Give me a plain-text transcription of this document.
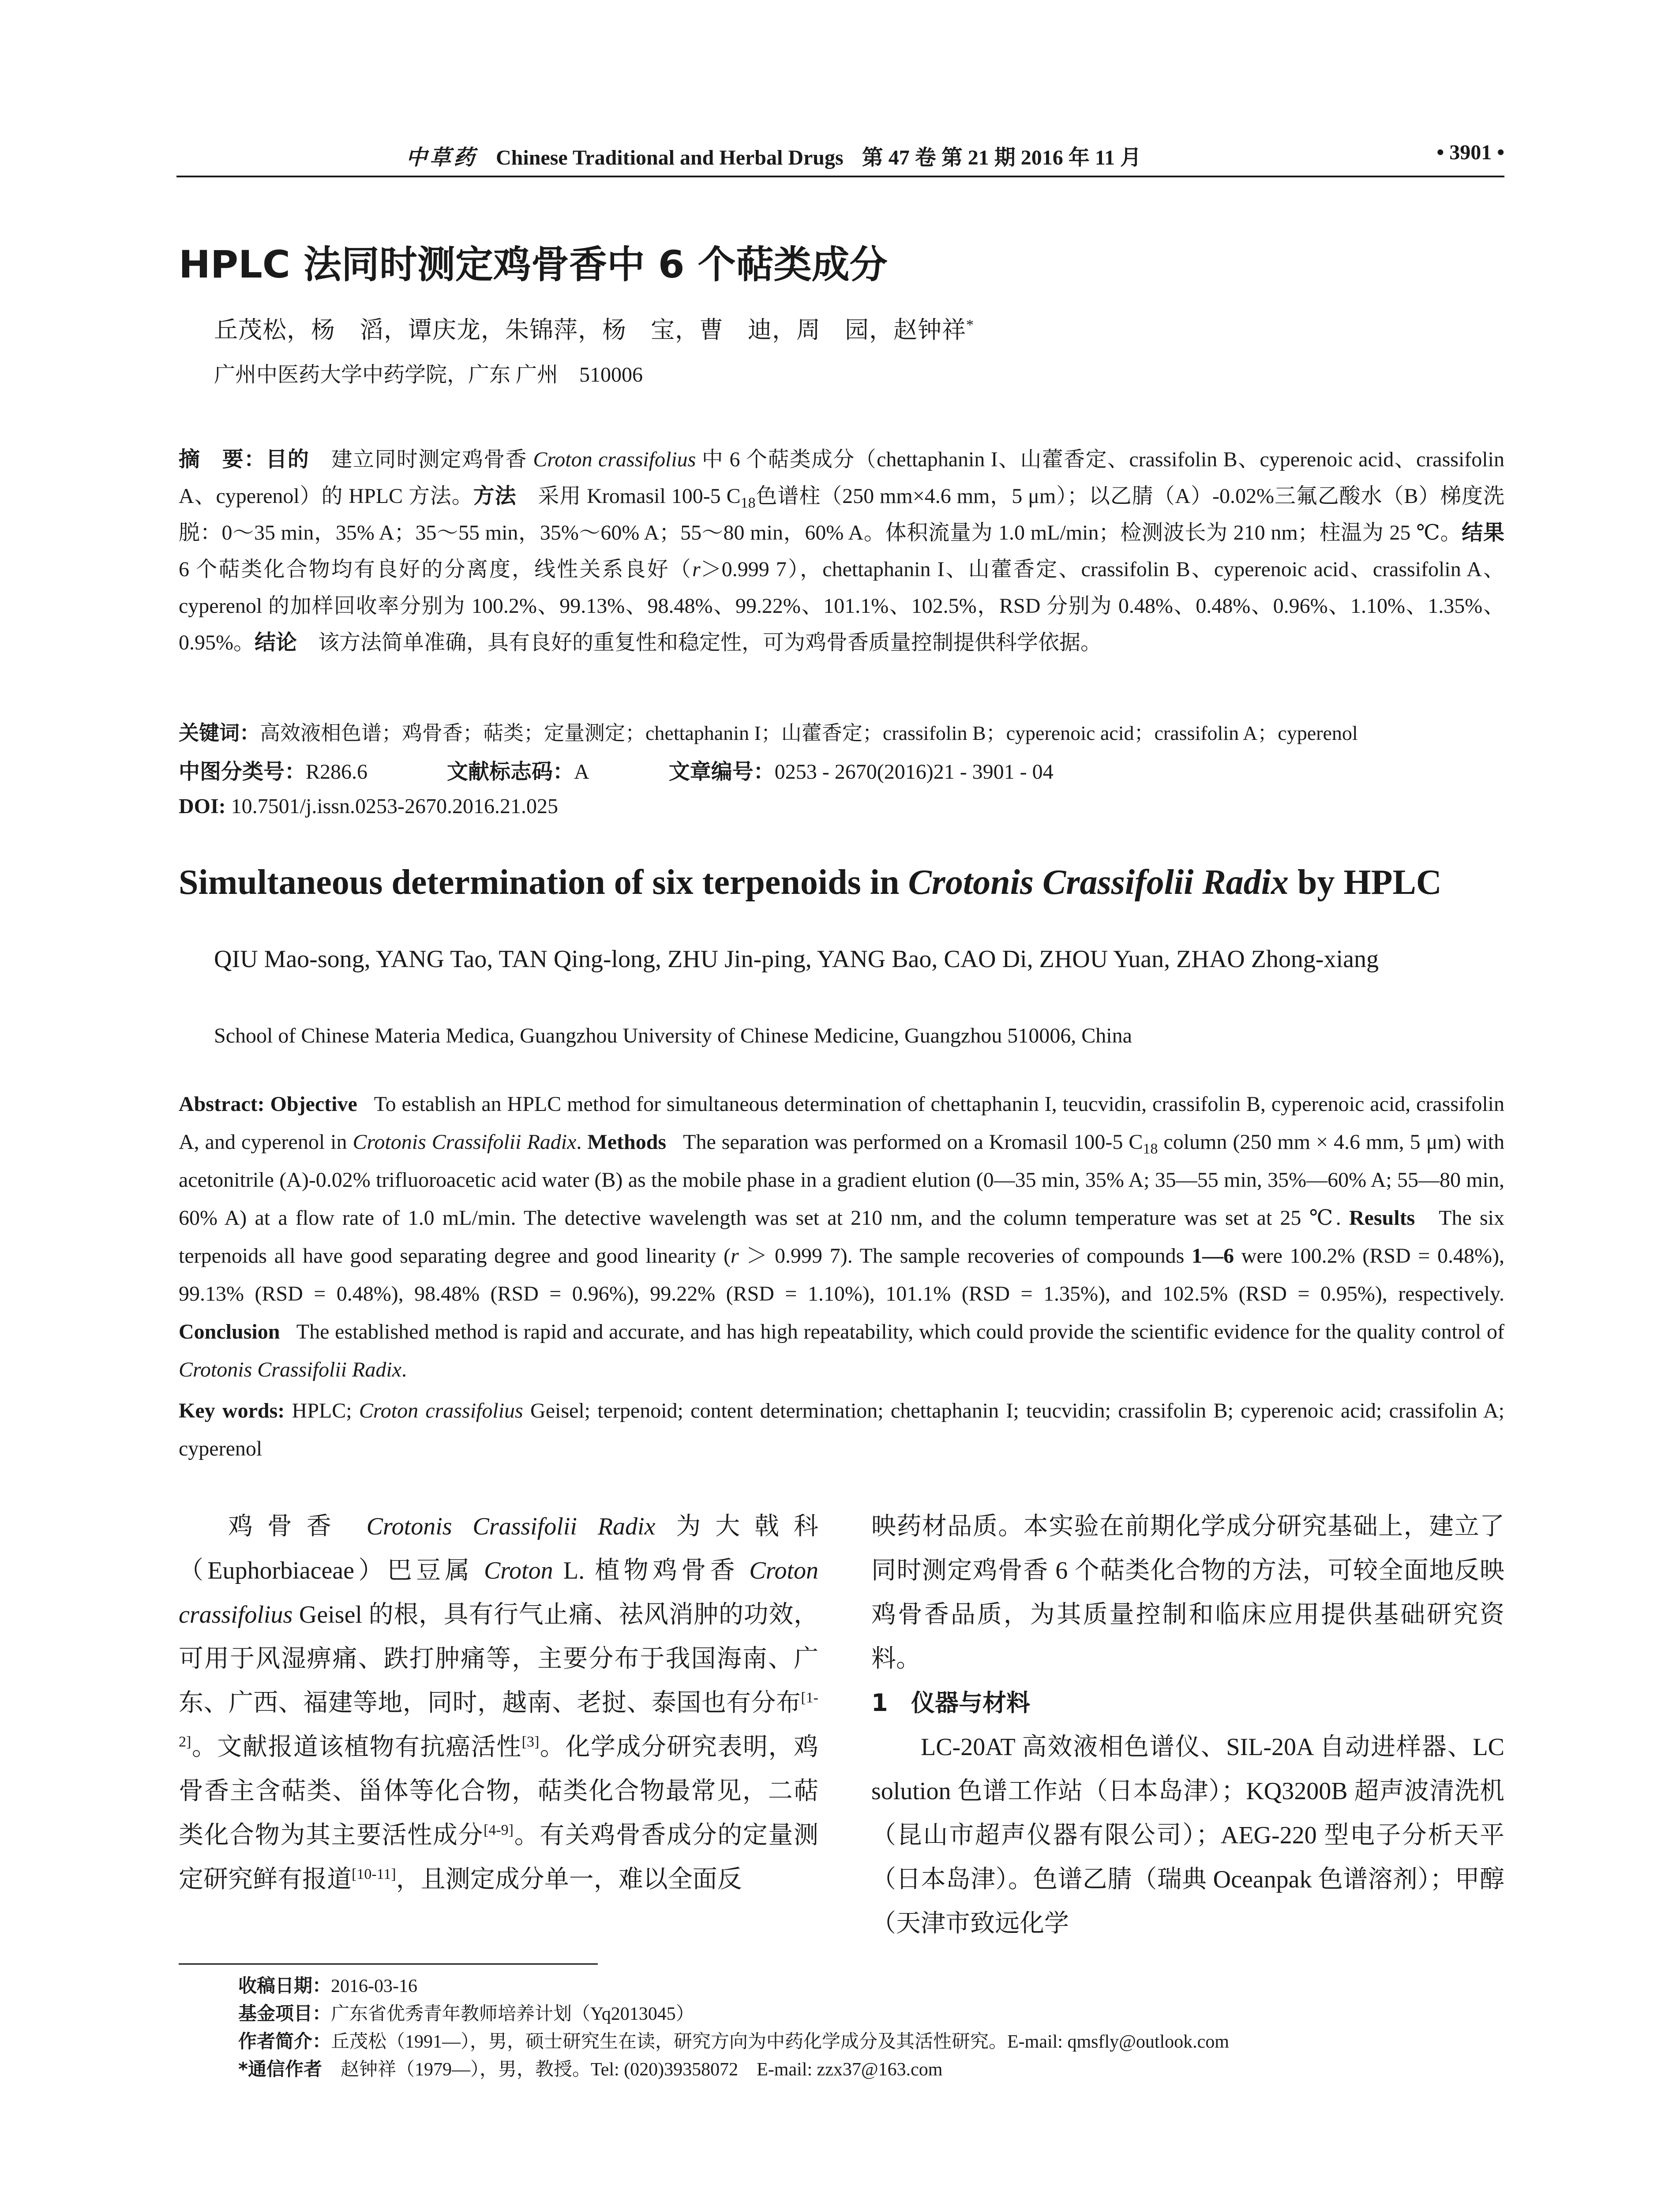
中草药 Chinese Traditional and Herbal Drugs 第 47 卷 第 21 期 2016 年 11 月	• 3901 •
HPLC 法同时测定鸡骨香中 6 个萜类成分
丘茂松，杨　滔，谭庆龙，朱锦萍，杨　宝，曹　迪，周　园，赵钟祥*
广州中医药大学中药学院，广东 广州　510006
摘　要：目的　 建立同时测定鸡骨香 Croton crassifolius 中 6 个萜类成分（chettaphanin I、山藿香定、crassifolin B、cyperenoic acid、crassifolin A、cyperenol）的 HPLC 方法。方法　 采用 Kromasil 100-5 $C_{18}$色谱柱（250 mm×4.6 mm，5 μm）；以乙腈（A）-0.02%三氟乙酸水（B）梯度洗脱：0～35 min，35% A；35～55 min，35%～60% A；55～80 min，60% A。体积流量为 1.0 mL/min；检测波长为 210 nm；柱温为 25 ℃。结果　6 个萜类化合物均有良好的分离度，线性关系良好（r＞0.999 7），chettaphanin I、山藿香定、crassifolin B、cyperenoic acid、crassifolin A、cyperenol 的加样回收率分别为 100.2%、99.13%、98.48%、99.22%、101.1%、102.5%，RSD 分别为 0.48%、0.48%、0.96%、1.10%、1.35%、0.95%。结论　 该方法简单准确，具有良好的重复性和稳定性，可为鸡骨香质量控制提供科学依据。
关键词：高效液相色谱；鸡骨香；萜类；定量测定；chettaphanin I；山藿香定；crassifolin B；cyperenoic acid；crassifolin A；cyperenol
中图分类号：R286.6	文献标志码：A	文章编号：0253 - 2670(2016)21 - 3901 - 04
DOI: 10.7501/j.issn.0253-2670.2016.21.025
Simultaneous determination of six terpenoids in Crotonis Crassifolii Radix by HPLC
QIU Mao-song, YANG Tao, TAN Qing-long, ZHU Jin-ping, YANG Bao, CAO Di, ZHOU Yuan, ZHAO Zhong-xiang
School of Chinese Materia Medica, Guangzhou University of Chinese Medicine, Guangzhou 510006, China
Abstract: Objective To establish an HPLC method for simultaneous determination of chettaphanin I, teucvidin, crassifolin B, cyperenoic acid, crassifolin A, and cyperenol in Crotonis Crassifolii Radix. Methods The separation was performed on a Kromasil 100-5 $C_{18}$ column (250 mm × 4.6 mm, 5 μm) with acetonitrile (A)-0.02% trifluoroacetic acid water (B) as the mobile phase in a gradient elution (0—35 min, 35% A; 35—55 min, 35%—60% A; 55—80 min, 60% A) at a flow rate of 1.0 mL/min. The detective wavelength was set at 210 nm, and the column temperature was set at 25 ℃. Results The six terpenoids all have good separating degree and good linearity (r ＞ 0.999 7). The sample recoveries of compounds 1—6 were 100.2% (RSD = 0.48%), 99.13% (RSD = 0.48%), 98.48% (RSD = 0.96%), 99.22% (RSD = 1.10%), 101.1% (RSD = 1.35%), and 102.5% (RSD = 0.95%), respectively. Conclusion The established method is rapid and accurate, and has high repeatability, which could provide the scientific evidence for the quality control of Crotonis Crassifolii Radix.
Key words: HPLC; Croton crassifolius Geisel; terpenoid; content determination; chettaphanin I; teucvidin; crassifolin B; cyperenoic acid; crassifolin A; cyperenol
鸡骨香 Crotonis Crassifolii Radix 为大戟科（Euphorbiaceae）巴豆属 Croton L. 植物鸡骨香 Croton crassifolius Geisel 的根，具有行气止痛、祛风消肿的功效，可用于风湿痹痛、跌打肿痛等，主要分布于我国海南、广东、广西、福建等地，同时，越南、老挝、泰国也有分布[1-2]。文献报道该植物有抗癌活性[3]。化学成分研究表明，鸡骨香主含萜类、甾体等化合物，萜类化合物最常见，二萜类化合物为其主要活性成分[4-9]。有关鸡骨香成分的定量测定研究鲜有报道[10-11]，且测定成分单一，难以全面反

映药材品质。本实验在前期化学成分研究基础上，建立了同时测定鸡骨香 6 个萜类化合物的方法，可较全面地反映鸡骨香品质，为其质量控制和临床应用提供基础研究资料。

1 仪器与材料

LC-20AT 高效液相色谱仪、SIL-20A 自动进样器、LC solution 色谱工作站（日本岛津）；KQ3200B 超声波清洗机（昆山市超声仪器有限公司）；AEG-220 型电子分析天平（日本岛津）。色谱乙腈（瑞典 Oceanpak 色谱溶剂）；甲醇（天津市致远化学

收稿日期：2016-03-16
基金项目：广东省优秀青年教师培养计划（Yq2013045）
作者简介：丘茂松（1991—），男，硕士研究生在读，研究方向为中药化学成分及其活性研究。E-mail: qmsfly@outlook.com
*通信作者　 赵钟祥（1979—），男，教授。Tel: (020)39358072　E-mail: zzx37@163.com
